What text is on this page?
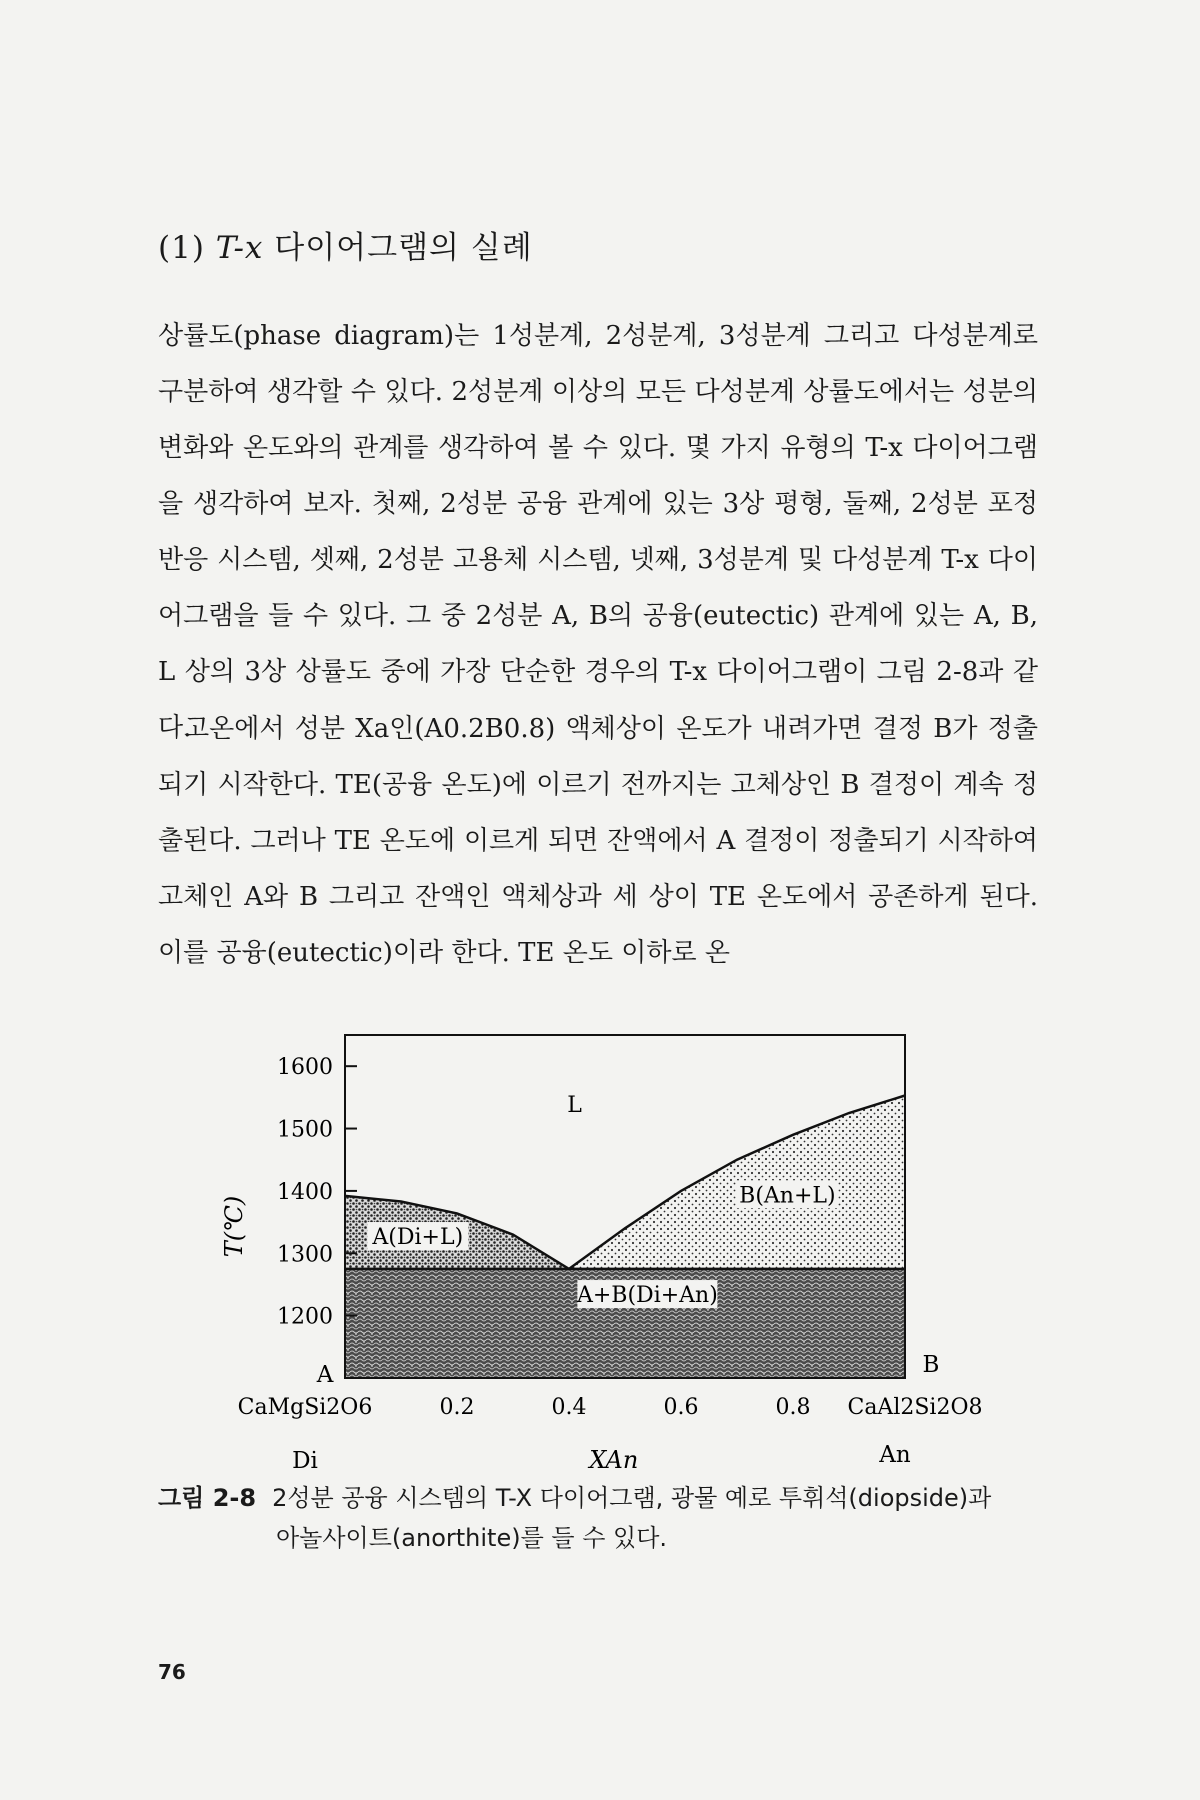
(1) T-x 다이어그램의 실례
상률도(phase diagram)는 1성분계, 2성분계, 3성분계 그리고 다성분계로 구분하여 생각할 수 있다. 2성분계 이상의 모든 다성분계 상률도에서는 성분의 변화와 온도와의 관계를 생각하여 볼 수 있다. 몇 가지 유형의 T-x 다이어그램을 생각하여 보자. 첫째, 2성분 공융 관계에 있는 3상 평형, 둘째, 2성분 포정반응 시스템, 셋째, 2성분 고용체 시스템, 넷째, 3성분계 및 다성분계 T-x 다이어그램을 들 수 있다. 그 중 2성분 A, B의 공융(eutectic) 관계에 있는 A, B, L 상의 3상 상률도 중에 가장 단순한 경우의 T-x 다이어그램이 그림 2-8과 같다.
고온에서 성분 Xa인(A0.2B0.8) 액체상이 온도가 내려가면 결정 B가 정출되기 시작한다. TE(공융 온도)에 이르기 전까지는 고체상인 B 결정이 계속 정출된다. 그러나 TE 온도에 이르게 되면 잔액에서 A 결정이 정출되기 시작하여 고체인 A와 B 그리고 잔액인 액체상과 세 상이 TE 온도에서 공존하게 된다. 이를 공융(eutectic)이라 한다. TE 온도 이하로 온
1600
1500
1400
1300
1200
0.2	0.4	0.6	0.8
T(℃)
XAn
A
CaMgSi2O6
Di
B
CaAl2Si2O8
An
L
B(An+L)
A(Di+L)
A+B(Di+An)
그림 2-8 2성분 공융 시스템의 T-X 다이어그램, 광물 예로 투휘석(diopside)과
아놀사이트(anorthite)를 들 수 있다.
76
